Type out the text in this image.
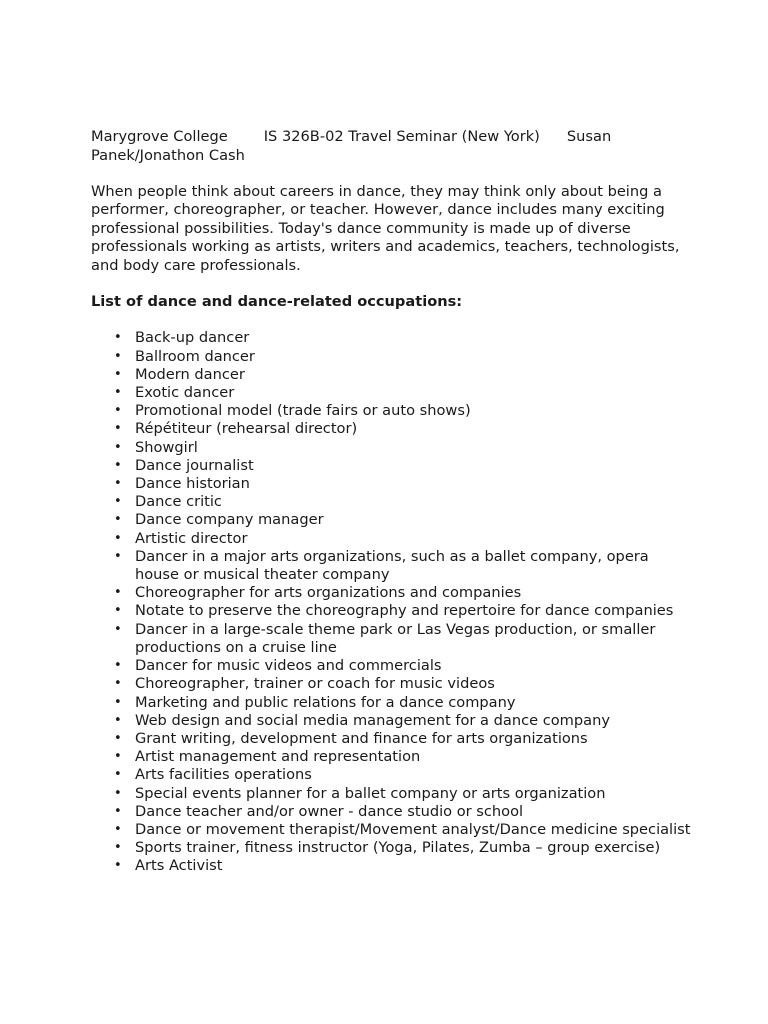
Marygrove College IS 326B-02 Travel Seminar (New York) Susan Panek/Jonathon Cash

When people think about careers in dance, they may think only about being a performer, choreographer, or teacher. However, dance includes many exciting professional possibilities. Today's dance community is made up of diverse professionals working as artists, writers and academics, teachers, technologists, and body care professionals.

List of dance and dance-related occupations:

• Back-up dancer
• Ballroom dancer
• Modern dancer
• Exotic dancer
• Promotional model (trade fairs or auto shows)
• Répétiteur (rehearsal director)
• Showgirl
• Dance journalist
• Dance historian
• Dance critic
• Dance company manager
• Artistic director
• Dancer in a major arts organizations, such as a ballet company, opera house or musical theater company
• Choreographer for arts organizations and companies
• Notate to preserve the choreography and repertoire for dance companies
• Dancer in a large-scale theme park or Las Vegas production, or smaller productions on a cruise line
• Dancer for music videos and commercials
• Choreographer, trainer or coach for music videos
• Marketing and public relations for a dance company
• Web design and social media management for a dance company
• Grant writing, development and finance for arts organizations
• Artist management and representation
• Arts facilities operations
• Special events planner for a ballet company or arts organization
• Dance teacher and/or owner - dance studio or school
• Dance or movement therapist/Movement analyst/Dance medicine specialist
• Sports trainer, fitness instructor (Yoga, Pilates, Zumba – group exercise)
• Arts Activist
